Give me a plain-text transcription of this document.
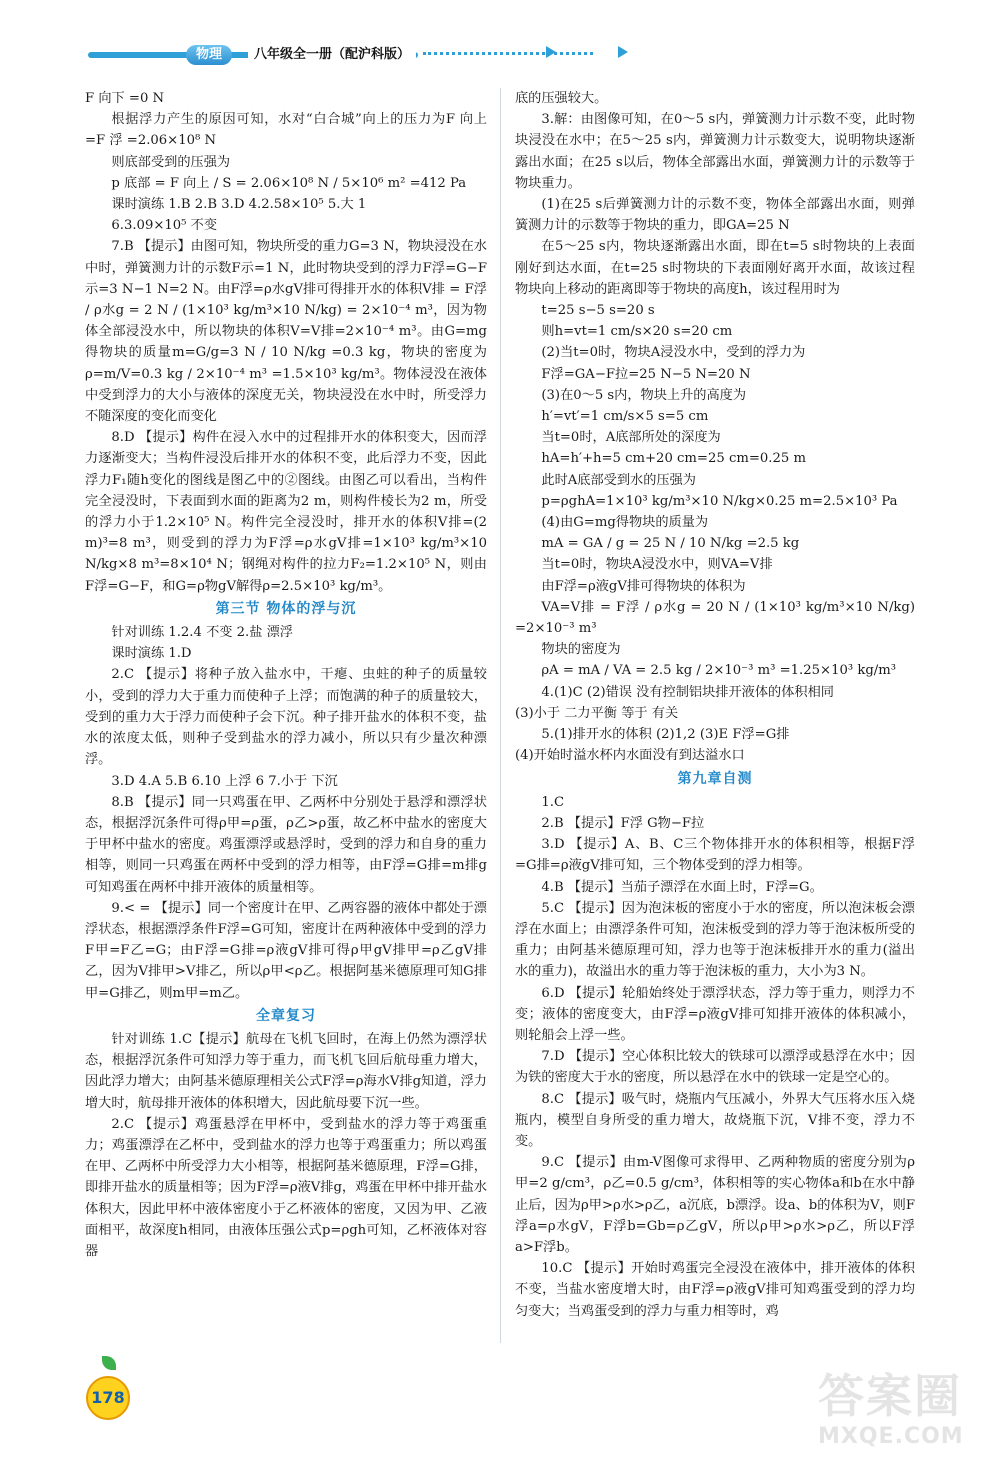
物理	八年级全一册（配沪科版）

F 向下 =0 N

根据浮力产生的原因可知，水对“白合城”向上的压力为F 向上 =F 浮 =2.06×10⁸ N

则底部受到的压强为

p 底部 = F 向上 / S = 2.06×10⁸ N / 5×10⁶ m² =412 Pa

课时演练 1.B 2.B 3.D 4.2.58×10⁵ 5.大 1

6.3.09×10⁵ 不变

7.B 【提示】由图可知，物块所受的重力G=3 N，物块浸没在水中时，弹簧测力计的示数F示=1 N，此时物块受到的浮力F浮=G−F示=3 N−1 N=2 N。由F浮=ρ水gV排可得排开水的体积V排 = F浮 / ρ水g = 2 N / (1×10³ kg/m³×10 N/kg) = 2×10⁻⁴ m³，因为物体全部浸没水中，所以物块的体积V=V排=2×10⁻⁴ m³。由G=mg得物块的质量m=G/g=3 N / 10 N/kg =0.3 kg，物块的密度为ρ=m/V=0.3 kg / 2×10⁻⁴ m³ =1.5×10³ kg/m³。物体浸没在液体中受到浮力的大小与液体的深度无关，物块浸没在水中时，所受浮力不随深度的变化而变化

8.D 【提示】构件在浸入水中的过程排开水的体积变大，因而浮力逐渐变大；当构件浸没后排开水的体积不变，此后浮力不变，因此浮力F₁随h变化的图线是图乙中的②图线。由图乙可以看出，当构件完全浸没时，下表面到水面的距离为2 m，则构件棱长为2 m，所受的浮力小于1.2×10⁵ N。构件完全浸没时，排开水的体积V排=(2 m)³=8 m³，则受到的浮力为F浮=ρ水gV排=1×10³ kg/m³×10 N/kg×8 m³=8×10⁴ N；钢绳对构件的拉力F₂=1.2×10⁵ N，则由F浮=G−F，和G=ρ物gV解得ρ=2.5×10³ kg/m³。

第三节 物体的浮与沉

针对训练 1.2.4 不变 2.盐 漂浮

课时演练 1.D

2.C 【提示】将种子放入盐水中，干瘪、虫蛀的种子的质量较小，受到的浮力大于重力而使种子上浮；而饱满的种子的质量较大，受到的重力大于浮力而使种子会下沉。种子排开盐水的体积不变，盐水的浓度太低，则种子受到盐水的浮力减小，所以只有少量次种漂浮。

3.D 4.A 5.B 6.10 上浮 6 7.小于 下沉

8.B 【提示】同一只鸡蛋在甲、乙两杯中分别处于悬浮和漂浮状态，根据浮沉条件可得ρ甲=ρ蛋，ρ乙>ρ蛋，故乙杯中盐水的密度大于甲杯中盐水的密度。鸡蛋漂浮或悬浮时，受到的浮力和自身的重力相等，则同一只鸡蛋在两杯中受到的浮力相等，由F浮=G排=m排g可知鸡蛋在两杯中排开液体的质量相等。

9.< = 【提示】同一个密度计在甲、乙两容器的液体中都处于漂浮状态，根据漂浮条件F浮=G可知，密度计在两种液体中受到的浮力F甲=F乙=G；由F浮=G排=ρ液gV排可得ρ甲gV排甲=ρ乙gV排乙，因为V排甲>V排乙，所以ρ甲<ρ乙。根据阿基米德原理可知G排甲=G排乙，则m甲=m乙。

全章复习

针对训练 1.C【提示】航母在飞机飞回时，在海上仍然为漂浮状态，根据浮沉条件可知浮力等于重力，而飞机飞回后航母重力增大，因此浮力增大；由阿基米德原理相关公式F浮=ρ海水V排g知道，浮力增大时，航母排开液体的体积增大，因此航母要下沉一些。

2.C 【提示】鸡蛋悬浮在甲杯中，受到盐水的浮力等于鸡蛋重力；鸡蛋漂浮在乙杯中，受到盐水的浮力也等于鸡蛋重力；所以鸡蛋在甲、乙两杯中所受浮力大小相等，根据阿基米德原理，F浮=G排，即排开盐水的质量相等；因为F浮=ρ液V排g，鸡蛋在甲杯中排开盐水体积大，因此甲杯中液体密度小于乙杯液体的密度，又因为甲、乙液面相平，故深度h相同，由液体压强公式p=ρgh可知，乙杯液体对容器

底的压强较大。

3.解：由图像可知，在0～5 s内，弹簧测力计示数不变，此时物块浸没在水中；在5～25 s内，弹簧测力计示数变大，说明物块逐渐露出水面；在25 s以后，物体全部露出水面，弹簧测力计的示数等于物块重力。

(1)在25 s后弹簧测力计的示数不变，物体全部露出水面，则弹簧测力计的示数等于物块的重力，即GA=25 N

在5～25 s内，物块逐渐露出水面，即在t=5 s时物块的上表面刚好到达水面，在t=25 s时物块的下表面刚好离开水面，故该过程物块向上移动的距离即等于物块的高度h，该过程用时为

t=25 s−5 s=20 s

则h=vt=1 cm/s×20 s=20 cm

(2)当t=0时，物块A浸没水中，受到的浮力为

F浮=GA−F拉=25 N−5 N=20 N

(3)在0～5 s内，物块上升的高度为

h′=vt′=1 cm/s×5 s=5 cm

当t=0时，A底部所处的深度为

hA=h′+h=5 cm+20 cm=25 cm=0.25 m

此时A底部受到水的压强为

p=ρghA=1×10³ kg/m³×10 N/kg×0.25 m=2.5×10³ Pa

(4)由G=mg得物块的质量为

mA = GA / g = 25 N / 10 N/kg =2.5 kg

当t=0时，物块A浸没水中，则VA=V排

由F浮=ρ液gV排可得物块的体积为

VA=V排 = F浮 / ρ水g = 20 N / (1×10³ kg/m³×10 N/kg) =2×10⁻³ m³

物块的密度为

ρA = mA / VA = 2.5 kg / 2×10⁻³ m³ =1.25×10³ kg/m³

4.(1)C (2)错误 没有控制铝块排开液体的体积相同

(3)小于 二力平衡 等于 有关

5.(1)排开水的体积 (2)1,2 (3)E F浮=G排

(4)开始时溢水杯内水面没有到达溢水口

第九章自测

1.C

2.B 【提示】F浮 G物−F拉

3.D 【提示】A、B、C三个物体排开水的体积相等，根据F浮=G排=ρ液gV排可知，三个物体受到的浮力相等。

4.B 【提示】当茄子漂浮在水面上时，F浮=G。

5.C 【提示】因为泡沫板的密度小于水的密度，所以泡沫板会漂浮在水面上；由漂浮条件可知，泡沫板受到的浮力等于泡沫板所受的重力；由阿基米德原理可知，浮力也等于泡沫板排开水的重力(溢出水的重力)，故溢出水的重力等于泡沫板的重力，大小为3 N。

6.D 【提示】轮船始终处于漂浮状态，浮力等于重力，则浮力不变；液体的密度变大，由F浮=ρ液gV排可知排开液体的体积减小，则轮船会上浮一些。

7.D 【提示】空心体积比较大的铁球可以漂浮或悬浮在水中；因为铁的密度大于水的密度，所以悬浮在水中的铁球一定是空心的。

8.C 【提示】吸气时，烧瓶内气压减小，外界大气压将水压入烧瓶内，模型自身所受的重力增大，故烧瓶下沉，V排不变，浮力不变。

9.C 【提示】由m-V图像可求得甲、乙两种物质的密度分别为ρ甲=2 g/cm³，ρ乙=0.5 g/cm³，体积相等的实心物体a和b在水中静止后，因为ρ甲>ρ水>ρ乙，a沉底，b漂浮。设a、b的体积为V，则F浮a=ρ水gV，F浮b=Gb=ρ乙gV，所以ρ甲>ρ水>ρ乙，所以F浮a>F浮b。

10.C 【提示】开始时鸡蛋完全浸没在液体中，排开液体的体积不变，当盐水密度增大时，由F浮=ρ液gV排可知鸡蛋受到的浮力均匀变大；当鸡蛋受到的浮力与重力相等时，鸡

178	答案圈
MXQE.COM
